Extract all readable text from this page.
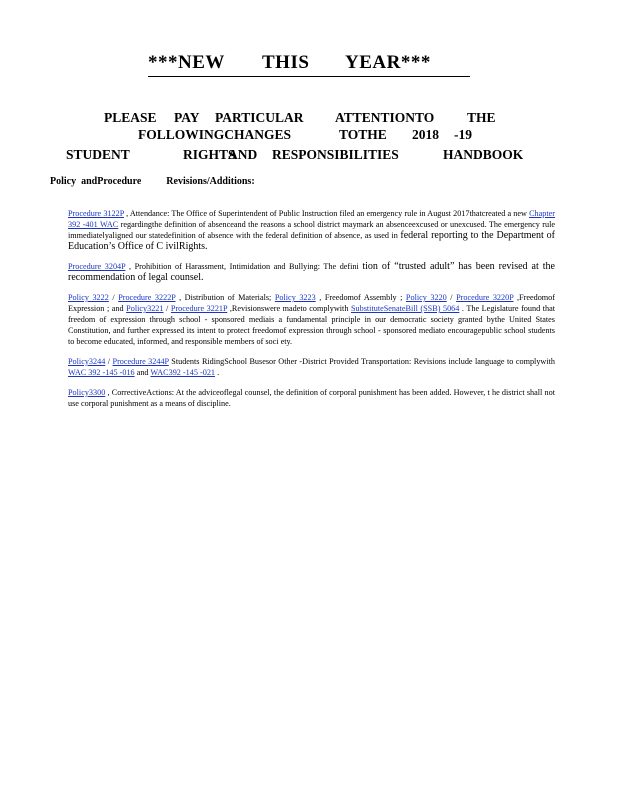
***NEW THIS YEAR***
PLEASE PAY PARTICULAR ATTENTIONTO THE
FOLLOWINGCHANGES	TOTHE 2018 -19
STUDENT	RIGHTS
AND RESPONSIBILITIES	HANDBOOK
Policy  andProcedure          Revisions/Additions:
Procedure 3122P , Attendance: The Office of Superintendent of Public Instruction filed an emergency rule in August 2017thatcreated a new Chapter 392 -401 WAC regardingthe definition of absenceand the reasons a school district maymark an absenceexcused or unexcused. The emergency rule immediatelyaligned our statedefinition of absence with the federal definition of absence, as used in federal reporting to the Department of Education’s Office of C ivilRights.
Procedure 3204P , Prohibition of Harassment, Intimidation and Bullying: The defini tion of “trusted adult” has been revised at the recommendation of legal counsel.
Policy 3222 / Procedure 3222P , Distribution of Materials; Policy 3223 , Freedomof Assembly ; Policy 3220 / Procedure 3220P ,Freedomof Expression ; and Policy3221 / Procedure 3221P ,Revisionswere madeto complywith SubstituteSenateBill (SSB) 5064 . The Legislature found that freedom of expression through school - sponsored mediais a fundamental principle in our democratic society granted bythe United States Constitution, and further expressed its intent to protect freedomof expression through school - sponsored mediato encouragepublic school students to become educated, informed, and responsible members of soci ety.
Policy3244 / Procedure 3244P Students RidingSchool Busesor Other -District Provided Transportation: Revisions include language to complywith WAC 392 -145 -016 and WAC392 -145 -021 .
Policy3300 , CorrectiveActions: At the adviceoflegal counsel, the definition of corporal punishment has been added. However, t he district shall not use corporal punishment as a means of discipline.
